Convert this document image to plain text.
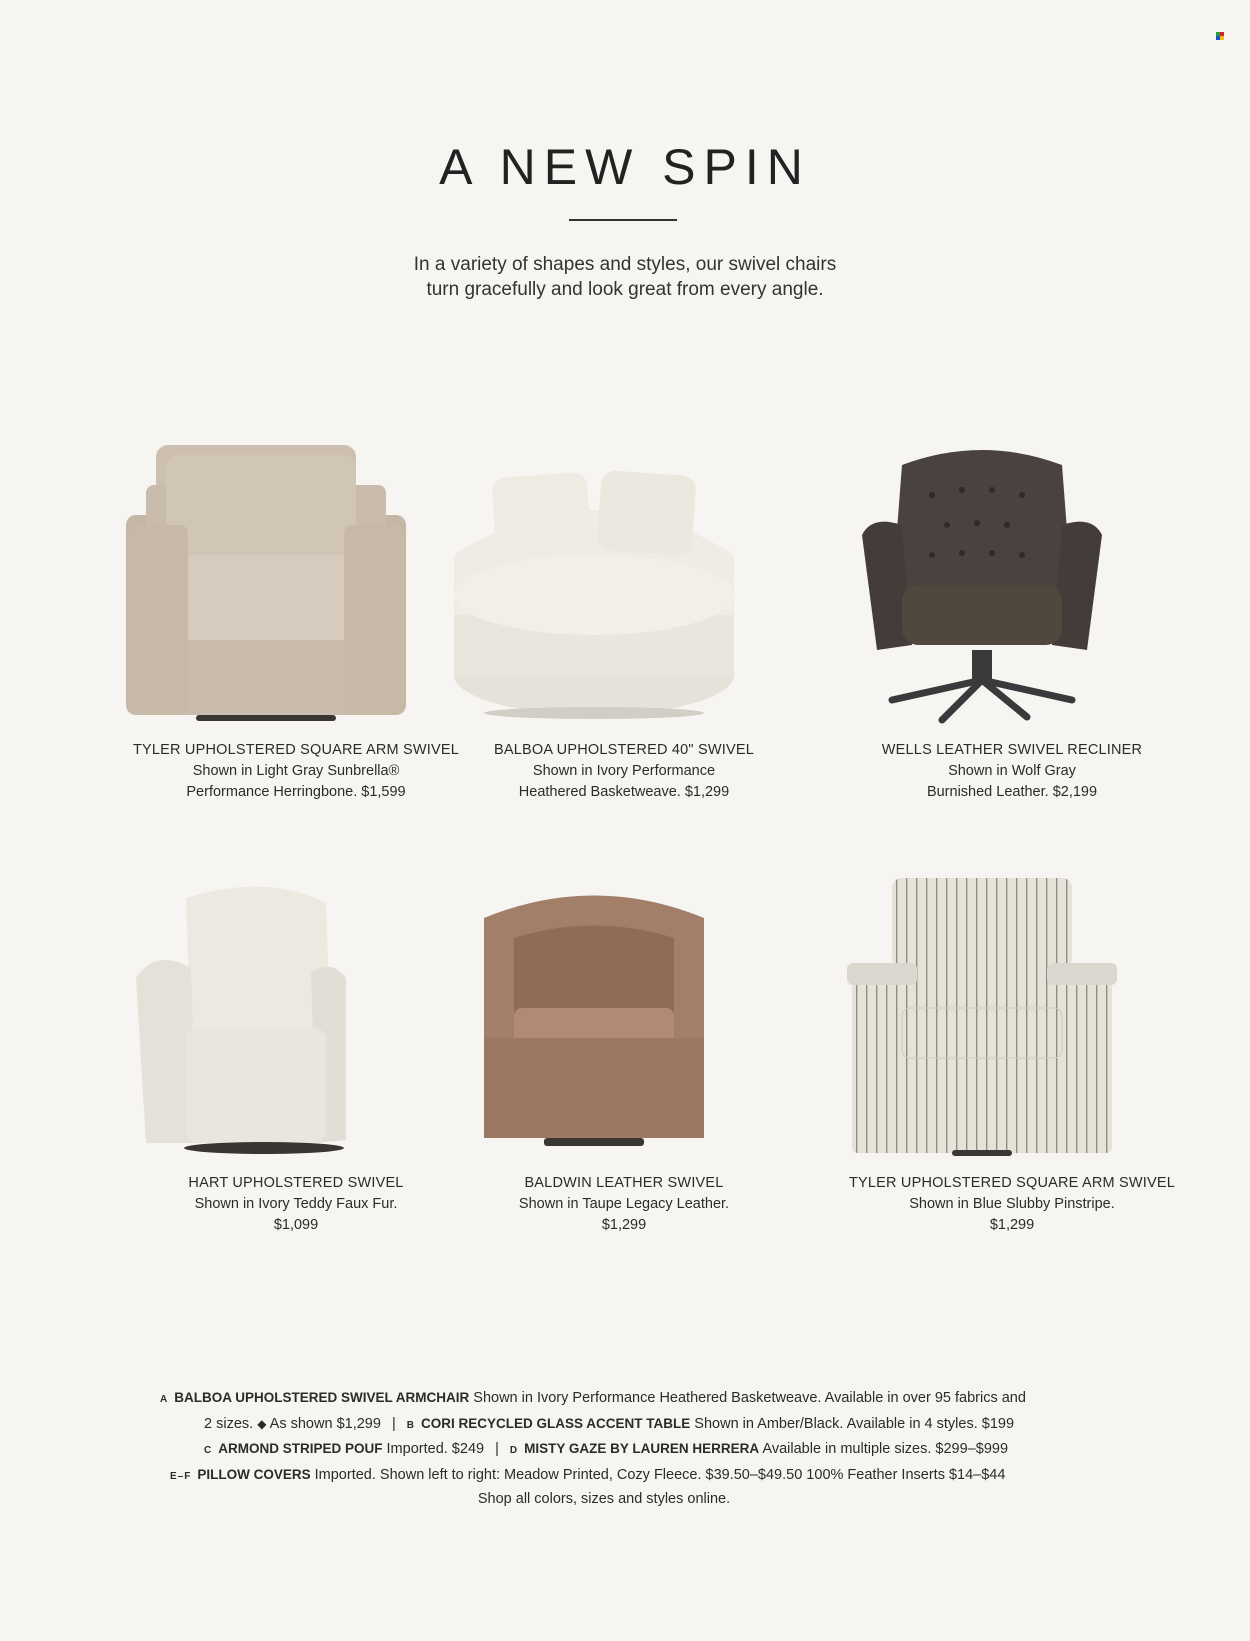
A NEW SPIN
In a variety of shapes and styles, our swivel chairs
turn gracefully and look great from every angle.
TYLER UPHOLSTERED SQUARE ARM SWIVEL
Shown in Light Gray Sunbrella®
Performance Herringbone. $1,599
BALBOA UPHOLSTERED 40" SWIVEL
Shown in Ivory Performance
Heathered Basketweave. $1,299
WELLS LEATHER SWIVEL RECLINER
Shown in Wolf Gray
Burnished Leather. $2,199
HART UPHOLSTERED SWIVEL
Shown in Ivory Teddy Faux Fur.
$1,099
BALDWIN LEATHER SWIVEL
Shown in Taupe Legacy Leather.
$1,299
TYLER UPHOLSTERED SQUARE ARM SWIVEL
Shown in Blue Slubby Pinstripe.
$1,299
A BALBOA UPHOLSTERED SWIVEL ARMCHAIR Shown in Ivory Performance Heathered Basketweave. Available in over 95 fabrics and
2 sizes. ◆ As shown $1,299 | B CORI RECYCLED GLASS ACCENT TABLE Shown in Amber/Black. Available in 4 styles. $199
C ARMOND STRIPED POUF Imported. $249 | D MISTY GAZE BY LAUREN HERRERA Available in multiple sizes. $299–$999
E–F PILLOW COVERS Imported. Shown left to right: Meadow Printed, Cozy Fleece. $39.50–$49.50 100% Feather Inserts $14–$44
Shop all colors, sizes and styles online.
